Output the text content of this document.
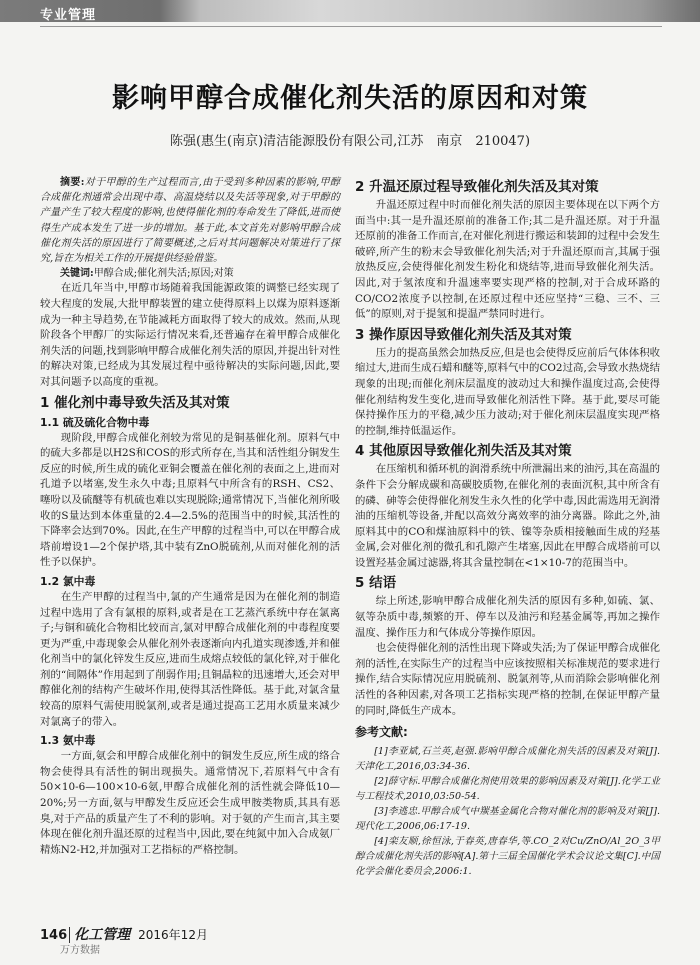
专业管理
影响甲醇合成催化剂失活的原因和对策
陈强(惠生(南京)清洁能源股份有限公司,江苏　南京　210047)

摘要:对于甲醇的生产过程而言,由于受到多种因素的影响,甲醇合成催化剂通常会出现中毒、高温烧结以及失活等现象,对于甲醇的产量产生了较大程度的影响,也使得催化剂的寿命发生了降低,进而使得生产成本发生了进一步的增加。基于此,本文首先对影响甲醇合成催化剂失活的原因进行了简要概述,之后对其问题解决对策进行了探究,旨在为相关工作的开展提供经验借鉴。

关键词:甲醇合成;催化剂失活;原因;对策

在近几年当中,甲醇市场随着我国能源政策的调整已经实现了较大程度的发展,大批甲醇装置的建立使得原料上以煤为原料逐渐成为一种主导趋势,在节能减耗方面取得了较大的成效。然而,从现阶段各个甲醇厂的实际运行情况来看,还普遍存在着甲醇合成催化剂失活的问题,找到影响甲醇合成催化剂失活的原因,并提出针对性的解决对策,已经成为其发展过程中亟待解决的实际问题,因此,要对其问题予以高度的重视。

1 催化剂中毒导致失活及其对策
1.1 硫及硫化合物中毒

现阶段,甲醇合成催化剂较为常见的是铜基催化剂。原料气中的硫大多都是以H2S和COS的形式所存在,当其和活性组分铜发生反应的时候,所生成的硫化亚铜会覆盖在催化剂的表面之上,进而对孔道予以堵塞,发生永久中毒;且原料气中所含有的RSH、CS2、噻吩以及硫醚等有机硫也难以实现脱除;通常情况下,当催化剂所吸收的S量达到本体重量的2.4—2.5%的范围当中的时候,其活性的下降率会达到70%。因此,在生产甲醇的过程当中,可以在甲醇合成塔前增设1—2个保护塔,其中装有ZnO脱硫剂,从而对催化剂的活性予以保护。

1.2 氯中毒

在生产甲醇的过程当中,氯的产生通常是因为在催化剂的制造过程中选用了含有氯根的原料,或者是在工艺蒸汽系统中存在氯离子;与铜和硫化合物相比较而言,氯对甲醇合成催化剂的中毒程度要更为严重,中毒现象会从催化剂外表逐渐向内孔道实现渗透,并和催化剂当中的氯化锌发生反应,进而生成熔点较低的氯化锌,对于催化剂的“间隔体”作用起到了削弱作用;且铜晶粒的迅速增大,还会对甲醇催化剂的结构产生破坏作用,使得其活性降低。基于此,对氯含量较高的原料气需使用脱氯剂,或者是通过提高工艺用水质量来减少对氯离子的带入。

1.3 氨中毒

一方面,氨会和甲醇合成催化剂中的铜发生反应,所生成的络合物会使得具有活性的铜出现损失。通常情况下,若原料气中含有50×10-6—100×10-6氨,甲醇合成催化剂的活性就会降低10—20%;另一方面,氨与甲醇发生反应还会生成甲胺类物质,其具有恶臭,对于产品的质量产生了不利的影响。对于氨的产生而言,其主要体现在催化剂升温还原的过程当中,因此,要在纯氮中加入合成氨厂精炼N2-H2,并加强对工艺指标的严格控制。

2 升温还原过程导致催化剂失活及其对策

升温还原过程中时而催化剂失活的原因主要体现在以下两个方面当中:其一是升温还原前的准备工作;其二是升温还原。对于升温还原前的准备工作而言,在对催化剂进行搬运和装卸的过程中会发生破碎,所产生的粉末会导致催化剂失活;对于升温还原而言,其属于强放热反应,会使得催化剂发生粉化和烧结等,进而导致催化剂失活。因此,对于氢浓度和升温速率要实现严格的控制,对于合成环路的CO/CO2浓度予以控制,在还原过程中还应坚持“三稳、三不、三低”的原则,对于提氢和提温严禁同时进行。

3 操作原因导致催化剂失活及其对策

压力的提高虽然会加热反应,但是也会使得反应前后气体体积收缩过大,进而生成石蜡和醚等,原料气中的CO2过高,会导致水热烧结现象的出现;而催化剂床层温度的波动过大和操作温度过高,会使得催化剂结构发生变化,进而导致催化剂活性下降。基于此,要尽可能保持操作压力的平稳,减少压力波动;对于催化剂床层温度实现严格的控制,维持低温运作。

4 其他原因导致催化剂失活及其对策

在压缩机和循环机的润滑系统中所泄漏出来的油污,其在高温的条件下会分解成碳和高碳胶质物,在催化剂的表面沉积,其中所含有的磷、砷等会使得催化剂发生永久性的化学中毒,因此需选用无润滑油的压缩机等设备,并配以高效分离效率的油分离器。除此之外,油原料其中的CO和煤油原料中的铁、镍等杂质相接触面生成的羟基金属,会对催化剂的微孔和孔隙产生堵塞,因此在甲醇合成塔前可以设置羟基金属过滤器,将其含量控制在<1×10-7的范围当中。

5 结语

综上所述,影响甲醇合成催化剂失活的原因有多种,如硫、氯、氨等杂质中毒,频繁的开、停车以及油污和羟基金属等,再加之操作温度、操作压力和气体成分等操作原因。

也会使得催化剂的活性出现下降或失活;为了保证甲醇合成催化剂的活性,在实际生产的过程当中应该按照相关标准规范的要求进行操作,结合实际情况应用脱硫剂、脱氯剂等,从而消除会影响催化剂活性的各种因素,对各项工艺指标实现严格的控制,在保证甲醇产量的同时,降低生产成本。

参考文献:

[1]李亚斌,石兰英,赵强.影响甲醇合成催化剂失活的因素及对策[J].天津化工,2016,03:34-36.

[2]薛守标.甲醇合成催化剂使用效果的影响因素及对策[J].化学工业与工程技术,2010,03:50-54.

[3]李逃忠.甲醇合成气中羰基金属化合物对催化剂的影响及对策[J].现代化工,2006,06:17-19.

[4]栾友顺,徐恒泳,于春英,唐春华,等.CO_2对Cu/ZnO/Al_2O_3甲醇合成催化剂失活的影响[A].第十三届全国催化学术会议论文集[C].中国化学会催化委员会,2006:1.

146 化工管理 2016年12月
万方数据
